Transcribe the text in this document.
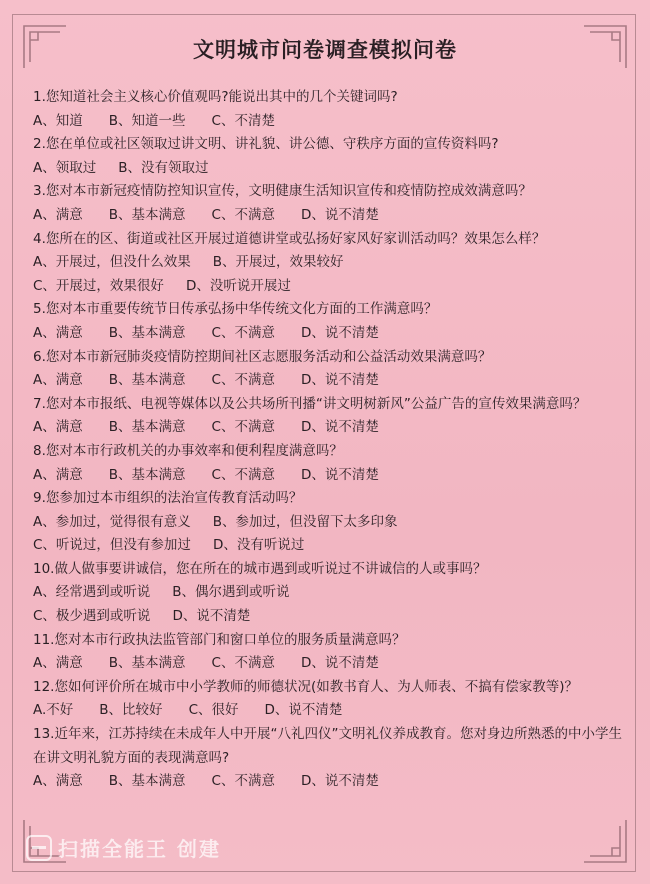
文明城市问卷调查模拟问卷
1.您知道社会主义核心价值观吗?能说出其中的几个关键词吗?
A、知道 B、知道一些 C、不清楚
2.您在单位或社区领取过讲文明、讲礼貌、讲公德、守秩序方面的宣传资料吗?
A、领取过 B、没有领取过
3.您对本市新冠疫情防控知识宣传，文明健康生活知识宣传和疫情防控成效满意吗？
A、满意 B、基本满意 C、不满意 D、说不清楚
4.您所在的区、街道或社区开展过道德讲堂或弘扬好家风好家训活动吗？效果怎么样？
A、开展过，但没什么效果 B、开展过，效果较好
C、开展过，效果很好 D、没听说开展过
5.您对本市重要传统节日传承弘扬中华传统文化方面的工作满意吗？
A、满意 B、基本满意 C、不满意 D、说不清楚
6.您对本市新冠肺炎疫情防控期间社区志愿服务活动和公益活动效果满意吗？
A、满意 B、基本满意 C、不满意 D、说不清楚
7.您对本市报纸、电视等媒体以及公共场所刊播“讲文明树新风”公益广告的宣传效果满意吗？
A、满意 B、基本满意 C、不满意 D、说不清楚
8.您对本市行政机关的办事效率和便利程度满意吗？
A、满意 B、基本满意 C、不满意 D、说不清楚
9.您参加过本市组织的法治宣传教育活动吗？
A、参加过，觉得很有意义 B、参加过，但没留下太多印象
C、听说过，但没有参加过 D、没有听说过
10.做人做事要讲诚信，您在所在的城市遇到或听说过不讲诚信的人或事吗？
A、经常遇到或听说 B、偶尔遇到或听说
C、极少遇到或听说 D、说不清楚
11.您对本市行政执法监管部门和窗口单位的服务质量满意吗？
A、满意 B、基本满意 C、不满意 D、说不清楚
12.您如何评价所在城市中小学教师的师德状况(如教书育人、为人师表、不搞有偿家教等)？
A.不好 B、比较好 C、很好 D、说不清楚
13.近年来，江苏持续在未成年人中开展“八礼四仪”文明礼仪养成教育。您对身边所熟悉的中小学生在讲文明礼貌方面的表现满意吗?
A、满意 B、基本满意 C、不满意 D、说不清楚
扫描全能王 创建
